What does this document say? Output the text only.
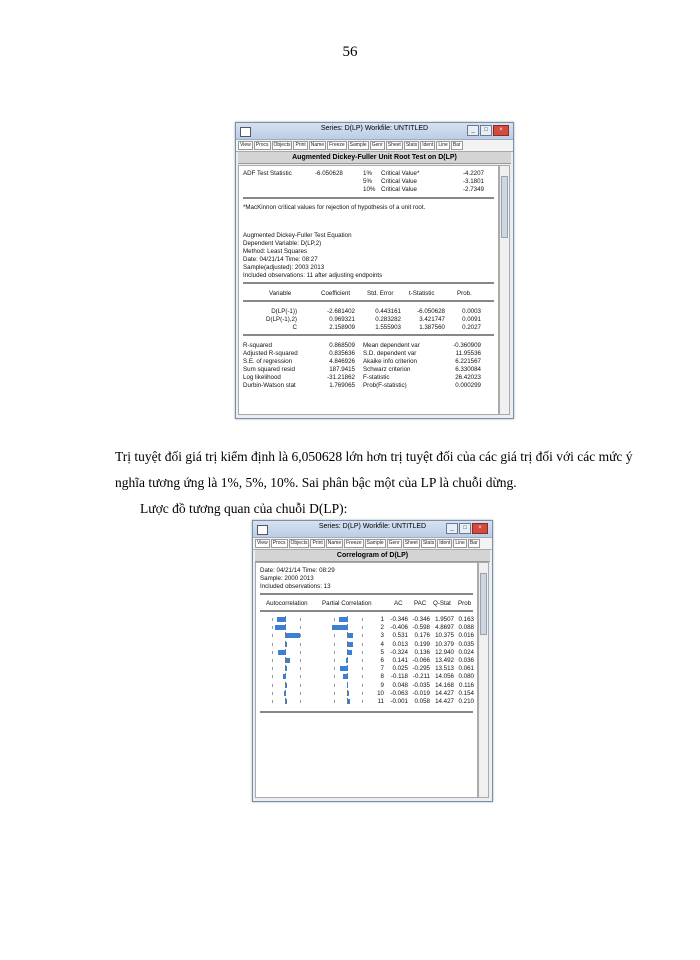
56
Series: D(LP) Workfile: UNTITLED	_	□	×
View	Procs	Objects	Print	Name	Freeze	Sample	Genr	Sheet	Stats	Ident	Line	Bar
Augmented Dickey-Fuller Unit Root Test on D(LP)
ADF Test Statistic	-6.050628	1% Critical Value*	-4.2207
5% Critical Value	-3.1801
10% Critical Value	-2.7349
*MacKinnon critical values for rejection of hypothesis of a unit root.
Augmented Dickey-Fuller Test Equation
Dependent Variable: D(LP,2)
Method: Least Squares
Date: 04/21/14 Time: 08:27
Sample(adjusted): 2003 2013
Included observations: 11 after adjusting endpoints
Variable	Coefficient	Std. Error	t-Statistic	Prob.
D(LP(-1))	-2.681402	0.443161	-6.050628	0.0003
D(LP(-1),2)	0.969321	0.283282	3.421747	0.0091
C	2.158909	1.555903	1.387560	0.2027
R-squared	0.868509 Mean dependent var	-0.360909
Adjusted R-squared	0.835636 S.D. dependent var	11.95536
S.E. of regression	4.846926 Akaike info criterion	6.221567
Sum squared resid	187.9415 Schwarz criterion	6.330084
Log likelihood	-31.21862 F-statistic	26.42023
Durbin-Watson stat	1.769065 Prob(F-statistic)	0.000299
Trị tuyệt đối giá trị kiểm định là 6,050628 lớn hơn trị tuyệt đối của các giá trị đối với các mức ý nghĩa tương ứng là 1%, 5%, 10%. Sai phân bậc một của LP là chuỗi dừng.
Lược đồ tương quan của chuỗi D(LP):
Series: D(LP) Workfile: UNTITLED	_	□	×
View	Procs	Objects	Print	Name	Freeze	Sample	Genr	Sheet	Stats	Ident	Line	Bar
Correlogram of D(LP)
Date: 04/21/14 Time: 08:29
Sample: 2000 2013
Included observations: 13
Autocorrelation Partial Correlation	AC PAC Q-Stat Prob
1	-0.346 -0.346 1.9507 0.163
2	-0.406 -0.598 4.8697 0.088
3	0.531	0.176 10.375 0.016
4	0.013	0.199 10.379 0.035
5	-0.324	0.136 12.940 0.024
6	0.141 -0.066 13.492 0.036
7	0.025 -0.295 13.513 0.061
8	-0.118 -0.211 14.056 0.080
9	0.048 -0.035 14.168 0.116
10	-0.063 -0.019 14.427 0.154
11	-0.001	0.058 14.427 0.210
